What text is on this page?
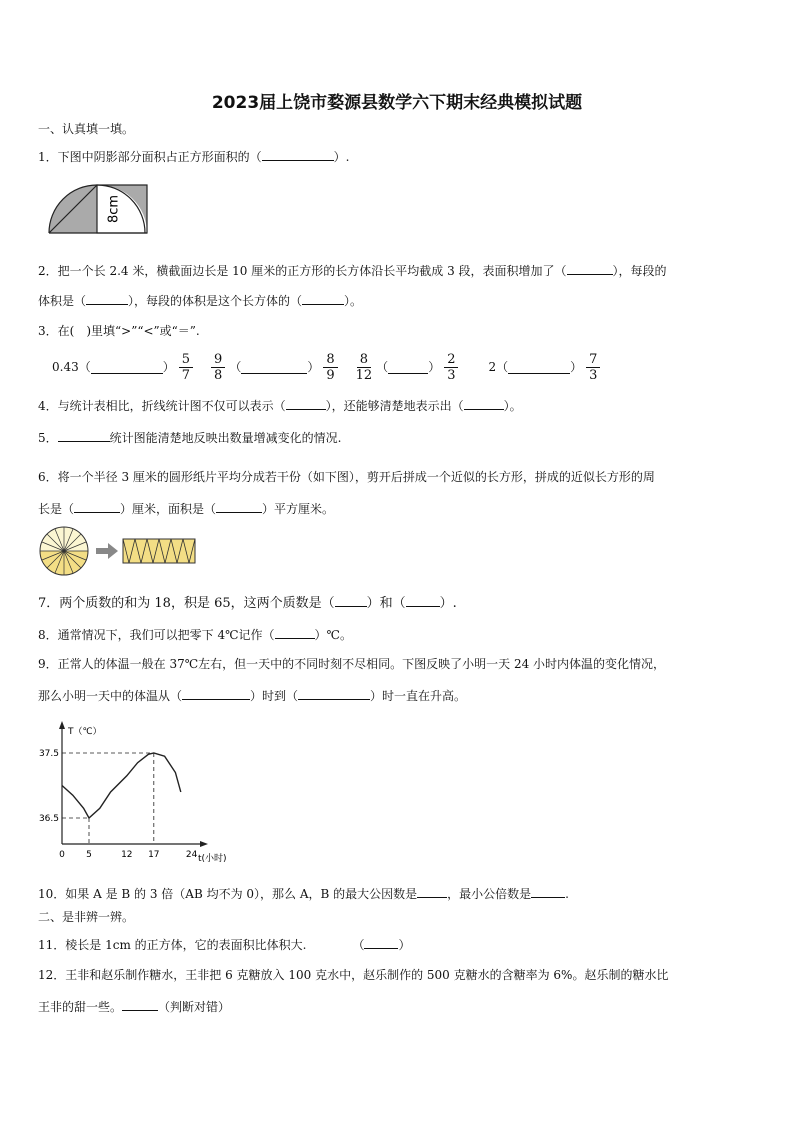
2023届上饶市婺源县数学六下期末经典模拟试题
一、认真填一填。
1．下图中阴影部分面积占正方形面积的（	）.
8cm
2．把一个长 2.4 米，横截面边长是 10 厘米的正方形的长方体沿长平均截成 3 段，表面积增加了（	），每段的
体积是（	），每段的体积是这个长方体的（	）。
3．在(　)里填“>”“<”或“＝”.
0.43（	） $\frac{5}{7} \frac{9}{8}$ （	） $\frac{8}{9} \frac{8}{12}$ （	） $\frac{2}{3}$	2（	） $\frac{7}{3}$
4．与统计表相比，折线统计图不仅可以表示（	），还能够清楚地表示出（	）。
5．	统计图能清楚地反映出数量增减变化的情况.
6．将一个半径 3 厘米的圆形纸片平均分成若干份（如下图），剪开后拼成一个近似的长方形，拼成的近似长方形的周
长是（	）厘米，面积是（	）平方厘米。
7．两个质数的和为 18，积是 65，这两个质数是（ ）和（	）.
8．通常情况下，我们可以把零下 4℃记作（	）℃。
9．正常人的体温一般在 37℃左右，但一天中的不同时刻不尽相同。下图反映了小明一天 24 小时内体温的变化情况，
那么小明一天中的体温从（	）时到（	）时一直在升高。
T（℃）
t(小时)
0 5	12 17	24
36.5
37.5
10．如果 A 是 B 的 3 倍（AB 均不为 0），那么 A，B 的最大公因数是	，最小公倍数是	.
二、是非辨一辨。
11．棱长是 1cm 的正方体，它的表面积比体积大.	（	）
12．王非和赵乐制作糖水，王非把 6 克糖放入 100 克水中，赵乐制作的 500 克糖水的含糖率为 6%。赵乐制的糖水比
王非的甜一些。	（判断对错）
